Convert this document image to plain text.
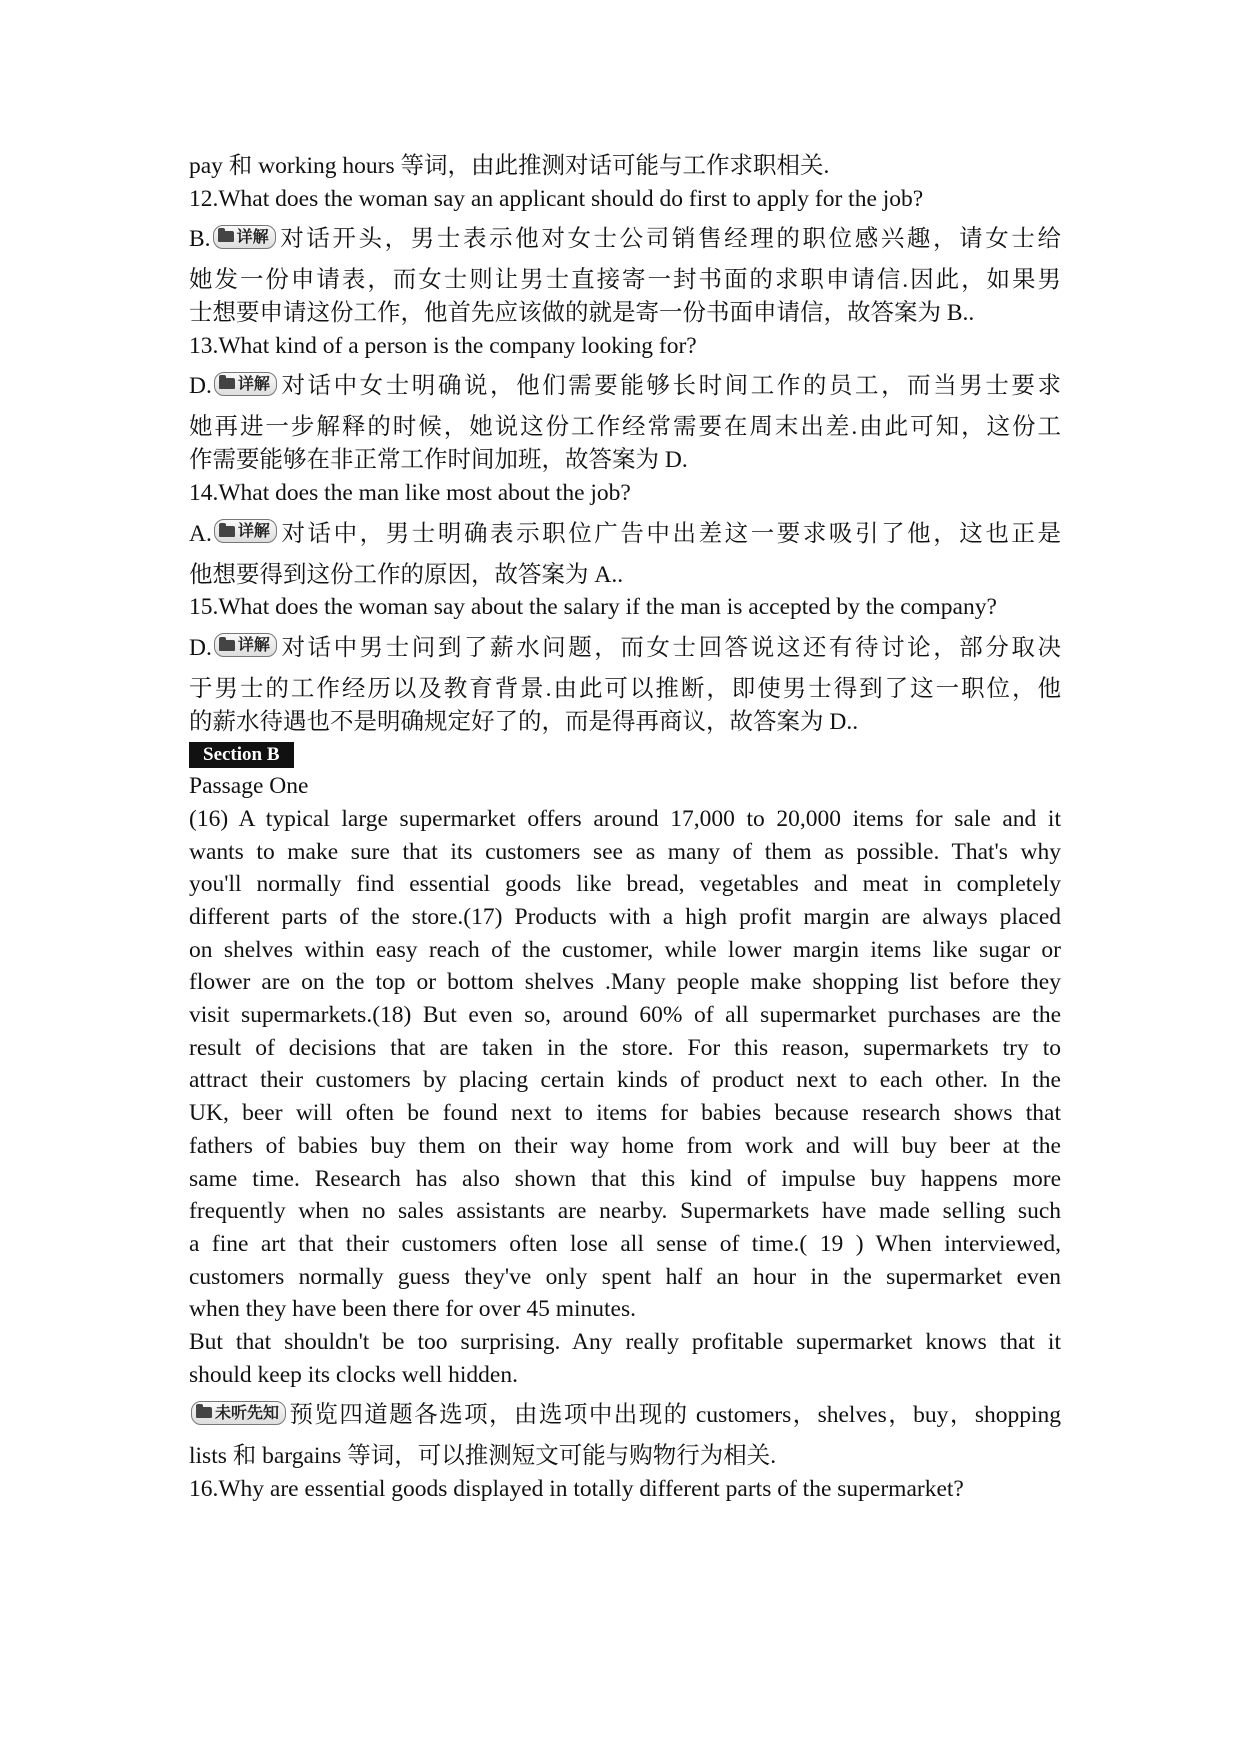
pay 和 working hours 等词，由此推测对话可能与工作求职相关.
12.What does the woman say an applicant should do first to apply for the job?
B. 详解 对话开头，男士表示他对女士公司销售经理的职位感兴趣，请女士给
她发一份申请表，而女士则让男士直接寄一封书面的求职申请信.因此，如果男
士想要申请这份工作，他首先应该做的就是寄一份书面申请信，故答案为 B..
13.What kind of a person is the company looking for?
D. 详解 对话中女士明确说，他们需要能够长时间工作的员工，而当男士要求
她再进一步解释的时候，她说这份工作经常需要在周末出差.由此可知，这份工
作需要能够在非正常工作时间加班，故答案为 D.
14.What does the man like most about the job?
A. 详解 对话中，男士明确表示职位广告中出差这一要求吸引了他，这也正是
他想要得到这份工作的原因，故答案为 A..
15.What does the woman say about the salary if the man is accepted by the company?
D. 详解 对话中男士问到了薪水问题，而女士回答说这还有待讨论，部分取决
于男士的工作经历以及教育背景.由此可以推断，即使男士得到了这一职位，他
的薪水待遇也不是明确规定好了的，而是得再商议，故答案为 D..
Section B
Passage One
(16) A typical large supermarket offers around 17,000 to 20,000 items for sale and it
wants to make sure that its customers see as many of them as possible. That's why
you'll normally find essential goods like bread, vegetables and meat in completely
different parts of the store.(17) Products with a high profit margin are always placed
on shelves within easy reach of the customer, while lower margin items like sugar or
flower are on the top or bottom shelves .Many people make shopping list before they
visit supermarkets.(18) But even so, around 60% of all supermarket purchases are the
result of decisions that are taken in the store. For this reason, supermarkets try to
attract their customers by placing certain kinds of product next to each other. In the
UK, beer will often be found next to items for babies because research shows that
fathers of babies buy them on their way home from work and will buy beer at the
same time. Research has also shown that this kind of impulse buy happens more
frequently when no sales assistants are nearby. Supermarkets have made selling such
a fine art that their customers often lose all sense of time.( 19 ) When interviewed,
customers normally guess they've only spent half an hour in the supermarket even
when they have been there for over 45 minutes.
But that shouldn't be too surprising. Any really profitable supermarket knows that it
should keep its clocks well hidden.
未听先知 预览四道题各选项，由选项中出现的 customers，shelves，buy，shopping
lists 和 bargains 等词，可以推测短文可能与购物行为相关.
16.Why are essential goods displayed in totally different parts of the supermarket?
